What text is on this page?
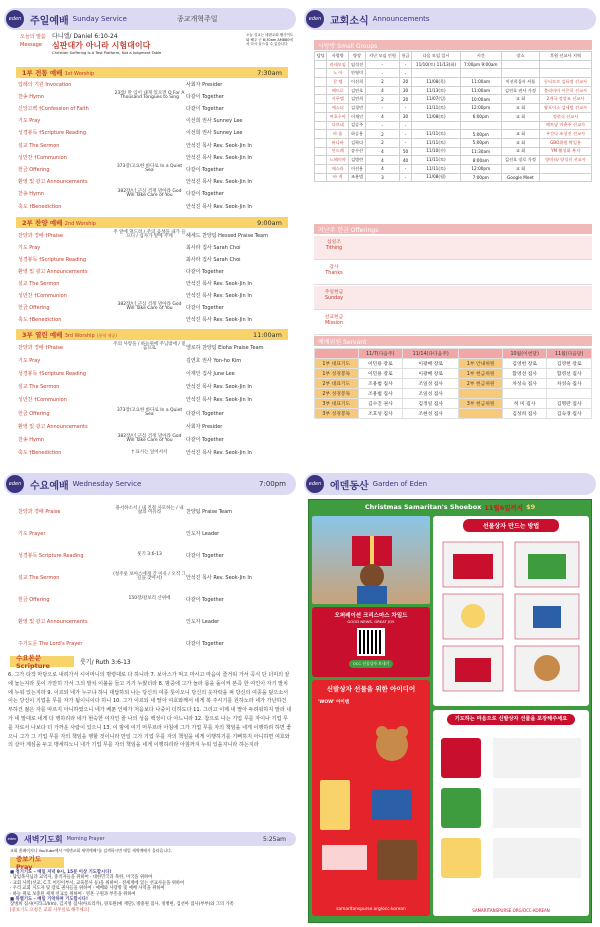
eden 주일예배 Sunday Service	종교개혁주일
오늘의 말씀
Message
다니엘/ Daniel 6:10-24
심판대가 아니라 시험대이다
Christian Suffering Is A Test Platform, Not a Judgment Table
오늘 설교는 에덴교회 웹사이트와 해주 근 8:30am AM880에서 다시 들으실 수 있습니다
1부 전통 예배 1st Worship	7:30am
입례의 기원 Invocation	사회자 Presider
찬송 Hymn	23장/ 만 입이 내게 있으면 O For A Thousand Tongues to Sing	다같이 Together
신앙고백 †Confession of Faith	다같이 Together
기도 Pray	이선희 권사 Sunney Lee
성경봉독 †Scripture Reading	이선희 권사 Sunney Lee
설교 The Sermon	안석진 목사 Rev. Seok-Jin In
성만찬 †Communion	안석진 목사 Rev. Seok-Jin In
헌금 Offering	373장/고요한 바다로 In a Quiet Sea	다같이 Together
환영 및 광고 Announcements	안석진 목사 Rev. Seok-Jin In
찬송 Hymn	382장/너 근심 걱정 말아라 God Will Take Care of You	다같이 Together
축도 †Benediction	안석진 목사 Rev. Seok-Jin In
2부 찬양 예배 2nd Worship	9:00am
찬양과 경배 †Praise	주 앞에 엎드려 / 주의 음성을 내가 들으니 / 십자가 앞에 주께	헤세드 찬양팀 Hessed Praise Team
기도 Pray	최사라 집사 Sarah Choi
성경봉독 †Scripture Reading	최사라 집사 Sarah Choi
환영 및 광고 Announcements	다같이 Together
설교 The Sermon	안석진 목사 Rev. Seok-Jin In
성만찬 †Communion	안석진 목사 Rev. Seok-Jin In
헌금 Offering	382장/너 근심 걱정 말아라 God Will Take Care of You	다같이 Together
축도 †Benediction	안석진 목사 Rev. Seok-Jin In
3부 열린 예배 3rd Worship (통역 제공)	11:00am
찬양과 경배 †Praise	주의 사랑을 / 하늘위에 주님밖에 / 믿음으로	엘로하 찬양팀 Eloha Praise Team
기도 Pray	김연호 권사 Yon-ho Kim
성경봉독 †Scripture Reading	이재인 집사 June Lee
설교 The Sermon	안석진 목사 Rev. Seok-Jin In
성만찬 †Communion	안석진 목사 Rev. Seok-Jin In
헌금 Offering	373장/고요한 바다로 In a Quiet Sea	다같이 Together
환영 및 광고 Announcements	사회자 Presider
찬송 Hymn	382장/너 근심 걱정 말아라 God Will Take Care of You	다같이 Together
축도 †Benediction	† 표시는 일어서서	안석진 목사 Rev. Seok-Jin In
eden 교회소식 Announcements
사랑방 Small Groups
담당	사랑방	방장	지난 모임 인원	헌금	다음 모임 일시	시간	장소	후원 선교사 지역
	라데모임	임석진	-	-	11/10(토) 11/13(화)	7:00pm 9:00am		
	노 아	안영미	-	-				
	갈 렙	이선희	2	20	11/08(목)	11:00am	이선희집사 셔틀	동티모르 김표정 선교사
	베드로	김연호	4	30	11/13(토)	11:00am	김연호 권사 가정	볼리비아 이은희 선교사
	사무엘	김연희	2	20	11/07(일)	10:00am	교 회	2개국 정상조 선교사
	에스더	김경민	-	-	11/11(토)	12:00pm	교 회	왕포이스 김세범 선교사
	여호수아	이재인	4	30	11/08(토)	6:00pm	교 회	정현식 선교사
	다브네	김승주	-	-				베트남 이춘주 선교사
	바 울	하승용	2	-	11/11(토)	5:00pm	교 회	우간다 조성진 선교사
	바나바	김학다	2	-	11/11(토)	5:00pm	교 회	GBO위원 박일용
	안드레	송수산	4	50	11/10(수)	11:30am	교 회	YM 활성화 복지
	느헤미야	김병란	4	40	11/11(토)	8:00am	김선호 장로 가정	양미라/ 양성진 선교사
	에스라	이선용	4	-	11/11(토)	12:00pm	교 회	
	바 게	조용범	3	-	11/08(월)	7:00pm	Google Meet	
지난주 헌금 Offerings
십일조
Tithing
감사
Thanks
주일헌금
Sunday
선교헌금
Mission
예배위원 Servant
	11/7(다음주)	11/14(다다음주)		10월(이번달)	11월(다음달)
1부 대표기도	이민용 장로	이광배 장로	1부 안내위원	김영헌 장로	김영헌 장로
1부 성경봉독	이민용 장로	이광배 장로	1부 헌금위원	함영선 집사	함영선 집사
2부 대표기도	조용범 집사	조일성 집사	2부 헌금위원	차성숙 집사	차성숙 집사
2부 성경봉독	조용범 집사	조일성 집사			
3부 대표기도	김수진 권사	김정일 집사	3부 헌금위원	허 미 집사	김명란 집사
3부 성경봉독	조호성 집사	조현성 집사		김성희 집사	김숙경 집사
eden 수요예배 Wednesday Service	7:00pm
찬양과 경배 Praise	용서하소서 / 내 진정 사모하는 / 내 삶의 이유라	찬양팀 Praise Team
기도 Prayer	인도자 Leader
성경봉독 Scripture Reading	룻기 3:6-13	다같이 Together
설교 The Sermon	(청주룻 보아스에게 간 이유 / 오직 그 길을 찾아서)	안석진 목사 Rev. Seok-Jin In
헌금 Offering	150장/갈보리 산위에	다같이 Together
환영 및 광고 Announcements	인도자 Leader
주기도문 The Lord's Prayer	다같이 Together
수요본문 Scripture	룻기/ Ruth 3:6-13
6. 그가 타작 마당으로 내려가서 시어머니의 명령대로 다 하니라 7. 보아스가 먹고 마시고 마음이 즐거워 가서 곡식 단 더미의 끝에 눕는지라 룻이 가만히 가서 그의 발치 이불을 들고 거기 누웠더라 8. 밤중에 그가 놀라 몸을 돌이켜 본즉 한 여인이 자기 발치에 누워 있는지라 9. 이르되 네가 누구냐 하니 대답하되 나는 당신의 여종 룻이오니 당신의 옷자락을 펴 당신의 여종을 덮으소서 이는 당신이 기업을 무를 자가 됨이니이다 하니 10. 그가 이르되 내 딸아 여호와께서 네게 복 주시기를 원하노라 네가 가난하건 부하건 젊은 자를 따르지 아니하였으니 네가 베푼 인애가 처음보다 나중이 더하도다 11. 그리고 이제 내 딸아 두려워하지 말라 내가 네 말대로 네게 다 행하리라 네가 현숙한 여자인 줄 나의 성읍 백성이 다 아느니라 12. 참으로 나는 기업 무를 자이나 기업 무를 자로서 나보다 더 가까운 사람이 있으니 13. 이 밤에 여기 머무르라 아침에 그가 기업 무를 자의 책임을 네게 이행하려 하면 좋으니 그가 그 기업 무를 자의 책임을 행할 것이니라 만일 그가 기업 무를 자의 책임을 네게 이행하기를 기뻐하지 아니하면 여호와의 살아 계심을 두고 맹세하노니 내가 기업 무를 자의 책임을 네게 이행하리라 아침까지 누워 있을지니라 하는지라
eden 새벽기도회 Morning Prayer	5:25am
교회 홈페이지나 YouTube에서 "에덴교회 새벽예배"를 검색하시면 매일 새벽예배가 올라옵니다.
중보기도 Pray
■ 정기기도 – 매일 저녁 9시, 15분 이상 기도합시다!
· 담임목사님과 교역자, 중직자들을 위하여 · 대한민국과 북한, 미국을 위하여
· 교회 사역(선교, C.T. 어린이부서, 교육봉사 등)을 위하여 · 전세계에 있는 선교사들을 위하여
· 우리 교회 지도자 및 장로 권사들을 위하여 · 예배와 사랑방 및 예배 사역을 위하여
· 하늘 위로 보충된 세계 선교를 위하여 · 영혼 구원과 부흥을 위하여
■ 특별기도 – 매일 기억하며 기도합시다!
장병희 집사(이라크/Irm), 김지영 집사(아프리카), 양호원(예 재단), 방충원 집사, 정병현, 김선아 집사(부부)와 그의 가족
[중보기도 요청은 교회 사무실로 해주세요]
eden 에덴동산 Garden of Eden
Christmas Samaritan's Shoebox 11월6일까지 $9
오퍼레이션 크리스마스 차일드
GOOD NEWS. GREAT JOY.
OCC 선물상자 보내기
신발상자 선물을 위한 아이디어
'WOW' 아이템
samaritanspurse.org/occ-korean
선물상자 만드는 방법
기도하는 마음으로 신발상자 선물을 포장해주세요
SAMARITANSPURSE.ORG/OCC-KOREAN
